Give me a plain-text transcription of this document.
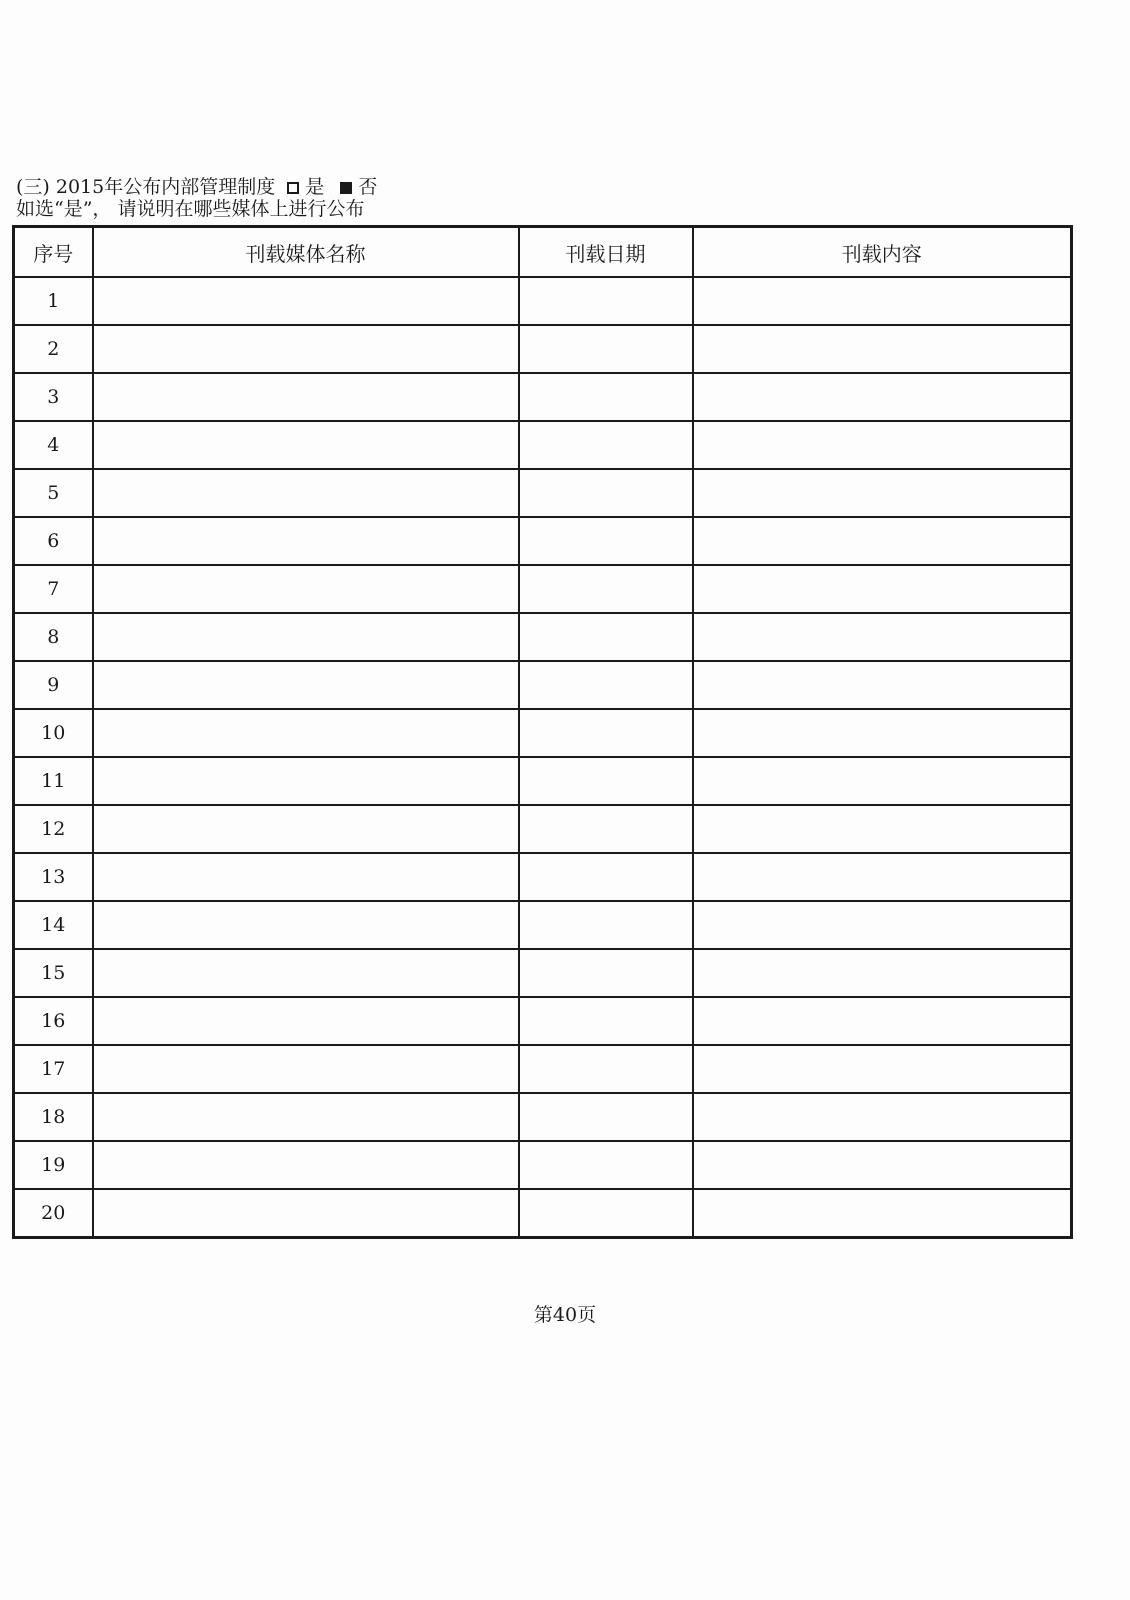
(三) 2015年公布内部管理制度 是 否
如选“是”， 请说明在哪些媒体上进行公布
序号	刊载媒体名称	刊载日期	刊载内容
1			
2			
3			
4			
5			
6			
7			
8			
9			
10			
11			
12			
13			
14			
15			
16			
17			
18			
19			
20			
第40页
